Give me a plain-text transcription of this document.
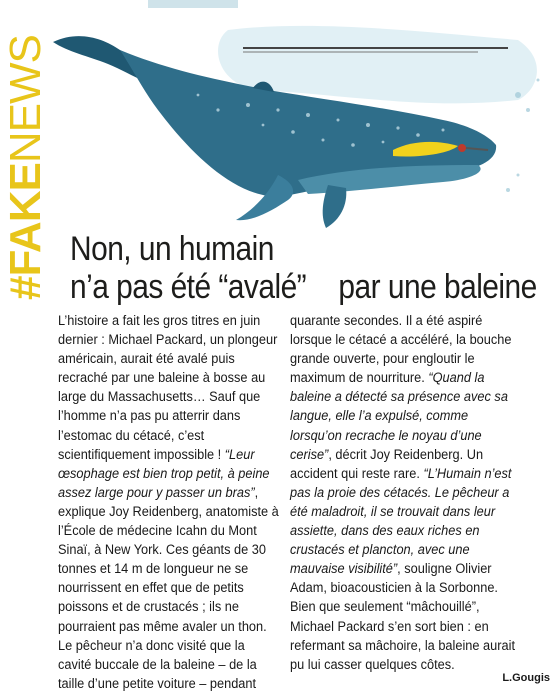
#FAKENEWS
Non, un humain
n’a pas été “avalé” par une baleine

L’histoire a fait les gros titres en juin dernier : Michael Packard, un plongeur américain, aurait été avalé puis recraché par une baleine à bosse au large du Massachusetts… Sauf que l’homme n’a pas pu atterrir dans l’estomac du cétacé, c’est scientifiquement impossible ! “Leur œsophage est bien trop petit, à peine assez large pour y passer un bras”, explique Joy Reidenberg, anatomiste à l’École de médecine Icahn du Mont Sinaï, à New York. Ces géants de 30 tonnes et 14 m de longueur ne se nourrissent en effet que de petits poissons et de crustacés ; ils ne pourraient pas même avaler un thon. Le pêcheur n’a donc visité que la cavité buccale de la baleine – de la taille d’une petite voiture – pendant

quarante secondes. Il a été aspiré lorsque le cétacé a accéléré, la bouche grande ouverte, pour engloutir le maximum de nourriture. “Quand la baleine a détecté sa présence avec sa langue, elle l’a expulsé, comme lorsqu’on recrache le noyau d’une cerise”, décrit Joy Reidenberg. Un accident qui reste rare. “L’Humain n’est pas la proie des cétacés. Le pêcheur a été maladroit, il se trouvait dans leur assiette, dans des eaux riches en crustacés et plancton, avec une mauvaise visibilité”, souligne Olivier Adam, bioacousticien à la Sorbonne. Bien que seulement “mâchouillé”, Michael Packard s’en sort bien : en refermant sa mâchoire, la baleine aurait pu lui casser quelques côtes.

L.Gougis
